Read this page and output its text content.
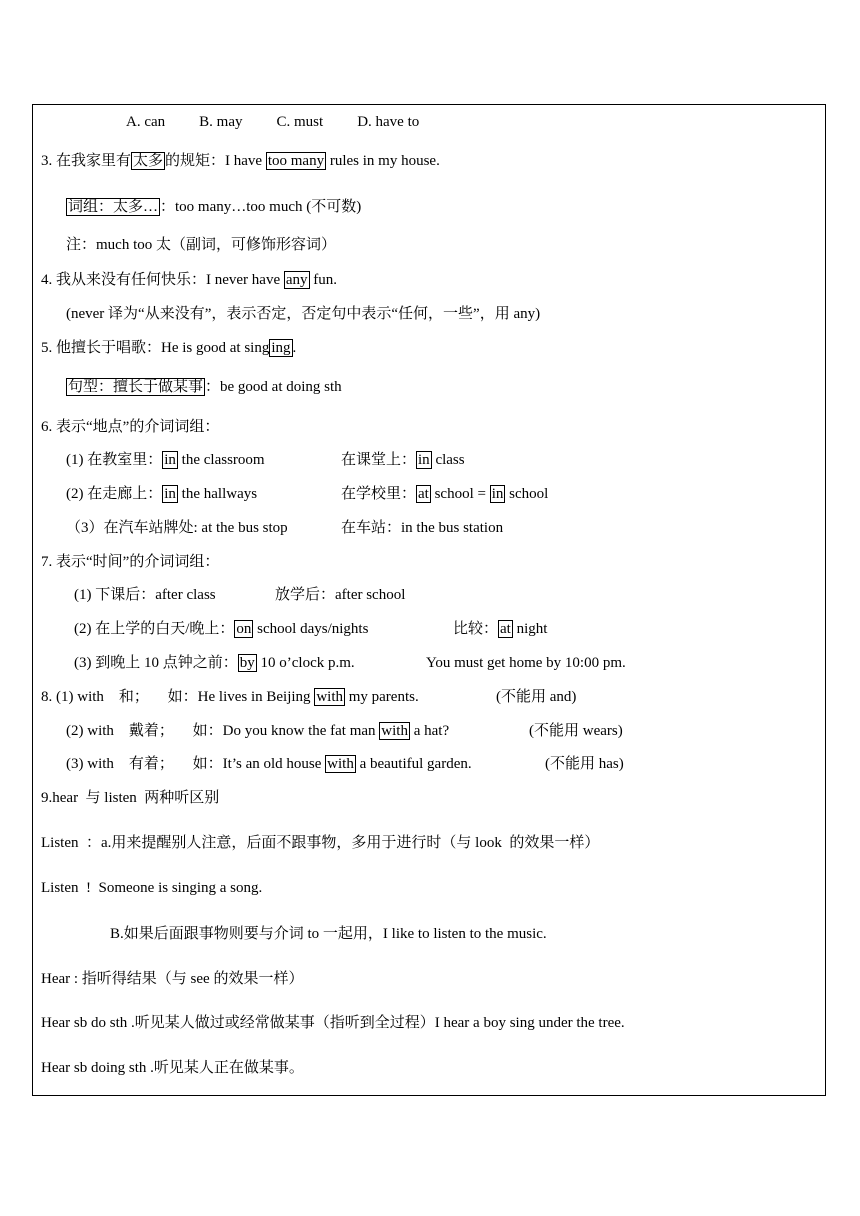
A. can B. may C. must D. have to
3. 在我家里有 太多 的规矩：I have too many rules in my house.
词组：太多… ：too many…too much (不可数)
注：much too 太（副词，可修饰形容词）
4. 我从来没有任何快乐：I never have any fun.
(never 译为“从来没有”，表示否定，否定句中表示“任何，一些”，用 any)
5. 他擅长于唱歌：He is good at sing ing .
句型：擅长于做某事 ：be good at doing sth
6. 表示“地点”的介词词组：
(1) 在教室里： in the classroom	在课堂上： in class
(2) 在走廊上： in the hallways	在学校里： at school = in school
（3）在汽车站牌处: at the bus stop	在车站：in the bus station
7. 表示“时间”的介词词组：
(1) 下课后：after class	放学后：after school
(2) 在上学的白天/晚上： on school days/nights	比较： at night
(3) 到晚上 10 点钟之前： by 10 o’clock p.m.	You must get home by 10:00 pm.
8. (1) with    和；     如：He lives in Beijing with my parents.	(不能用 and)
(2) with    戴着；     如：Do you know the fat man with a hat?	(不能用 wears)
(3) with    有着；     如：It’s an old house with a beautiful garden.	(不能用 has)
9.hear  与 listen  两种听区别
Listen  ：a.用来提醒别人注意，后面不跟事物，多用于进行时（与 look  的效果一样）
Listen  !  Someone is singing a song.
B.如果后面跟事物则要与介词 to 一起用，I like to listen to the music.
Hear : 指听得结果（与 see 的效果一样）
Hear sb do sth .听见某人做过或经常做某事（指听到全过程）I hear a boy sing under the tree.
Hear sb doing sth .听见某人正在做某事。
